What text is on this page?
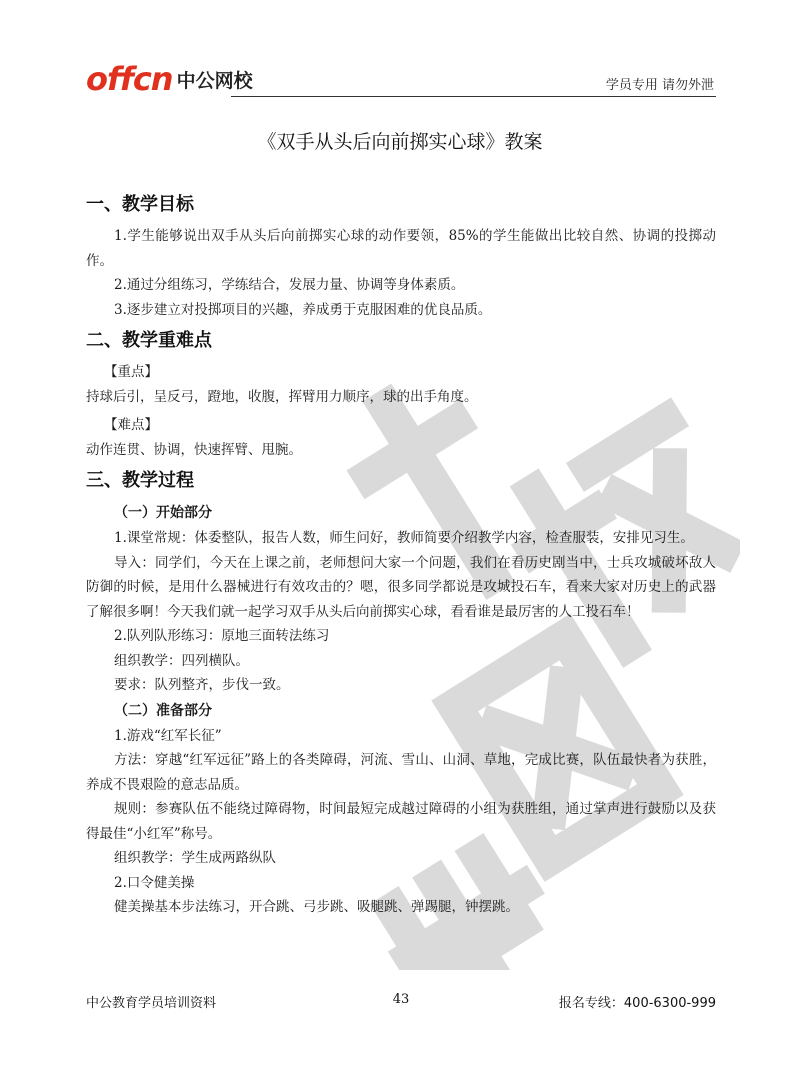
offcn 中公网校	学员专用 请勿外泄
《双手从头后向前掷实心球》教案

一、教学目标

1.学生能够说出双手从头后向前掷实心球的动作要领，85%的学生能做出比较自然、协调的投掷动作。

2.通过分组练习，学练结合，发展力量、协调等身体素质。

3.逐步建立对投掷项目的兴趣，养成勇于克服困难的优良品质。

二、教学重难点

【重点】

持球后引，呈反弓，蹬地，收腹，挥臂用力顺序，球的出手角度。

【难点】

动作连贯、协调，快速挥臂、甩腕。

三、教学过程

（一）开始部分

1.课堂常规：体委整队，报告人数，师生问好，教师简要介绍教学内容，检查服装，安排见习生。

导入：同学们，今天在上课之前，老师想问大家一个问题，我们在看历史剧当中，士兵攻城破坏敌人防御的时候，是用什么器械进行有效攻击的？嗯，很多同学都说是攻城投石车，看来大家对历史上的武器了解很多啊！今天我们就一起学习双手从头后向前掷实心球，看看谁是最厉害的人工投石车！

2.队列队形练习：原地三面转法练习

组织教学：四列横队。

要求：队列整齐，步伐一致。

（二）准备部分

1.游戏“红军长征”

方法：穿越“红军远征”路上的各类障碍，河流、雪山、山洞、草地，完成比赛，队伍最快者为获胜，养成不畏艰险的意志品质。

规则：参赛队伍不能绕过障碍物，时间最短完成越过障碍的小组为获胜组，通过掌声进行鼓励以及获得最佳“小红军”称号。

组织教学：学生成两路纵队

2.口令健美操

健美操基本步法练习，开合跳、弓步跳、吸腿跳、弹踢腿，钟摆跳。

中公教育学员培训资料	43	报名专线：400-6300-999
